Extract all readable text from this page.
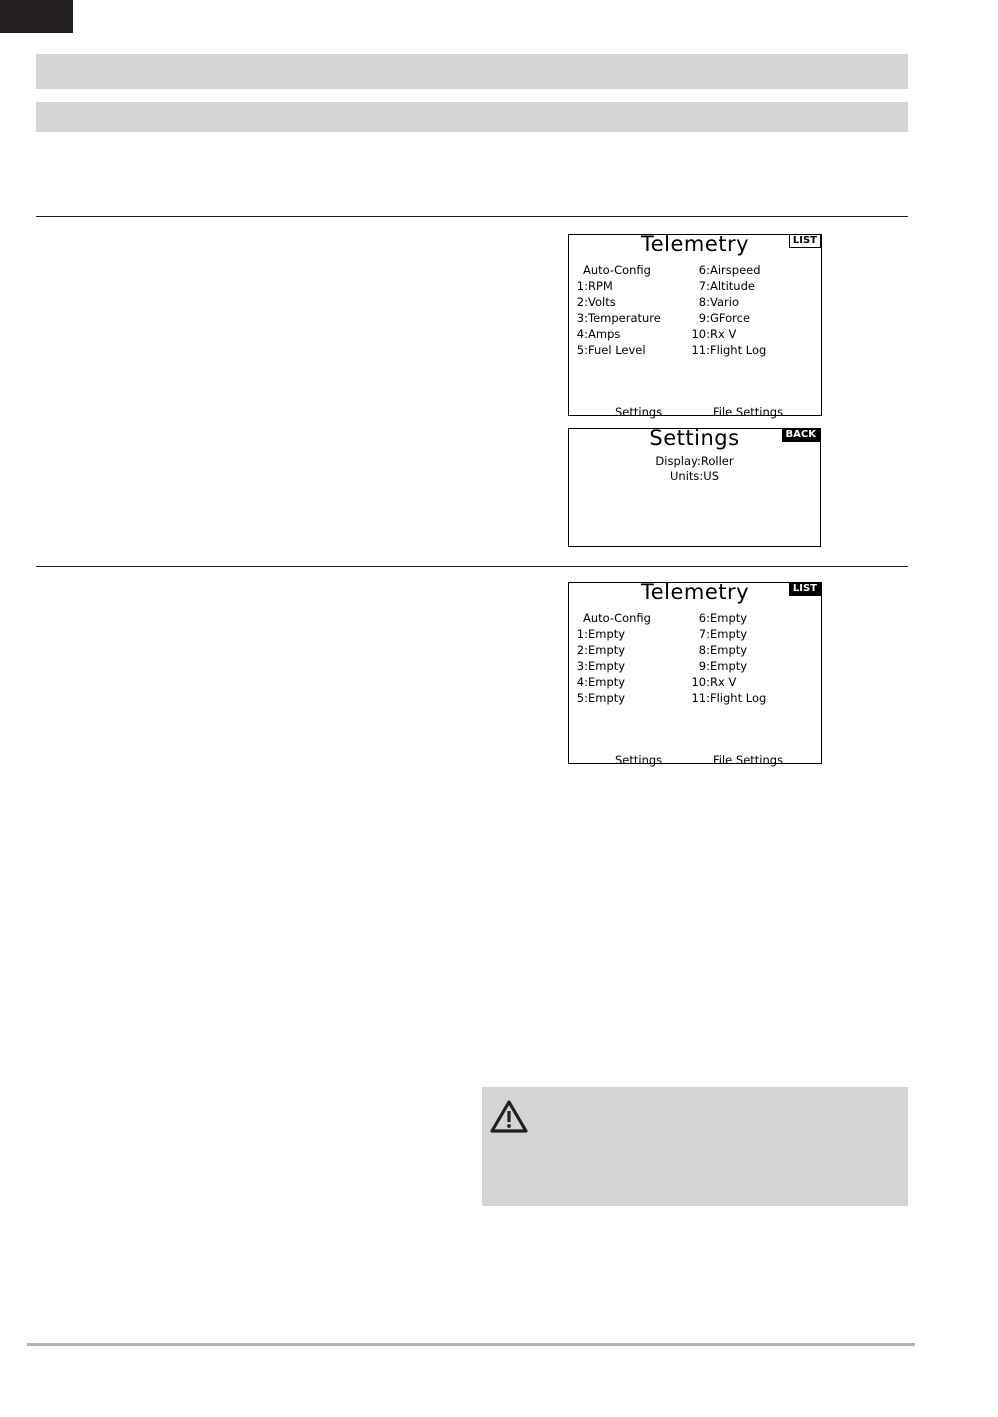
Telemetry	LIST
Auto-Config
1:RPM
2:Volts
3:Temperature
4:Amps
5:Fuel Level
6:Airspeed
7:Altitude
8:Vario
9:GForce
10:Rx V
11:Flight Log
Settings	File Settings
Settings	BACK
Display:Roller
Units:US
Telemetry	LIST
Auto-Config
1:Empty
2:Empty
3:Empty
4:Empty
5:Empty
6:Empty
7:Empty
8:Empty
9:Empty
10:Rx V
11:Flight Log
Settings	File Settings
